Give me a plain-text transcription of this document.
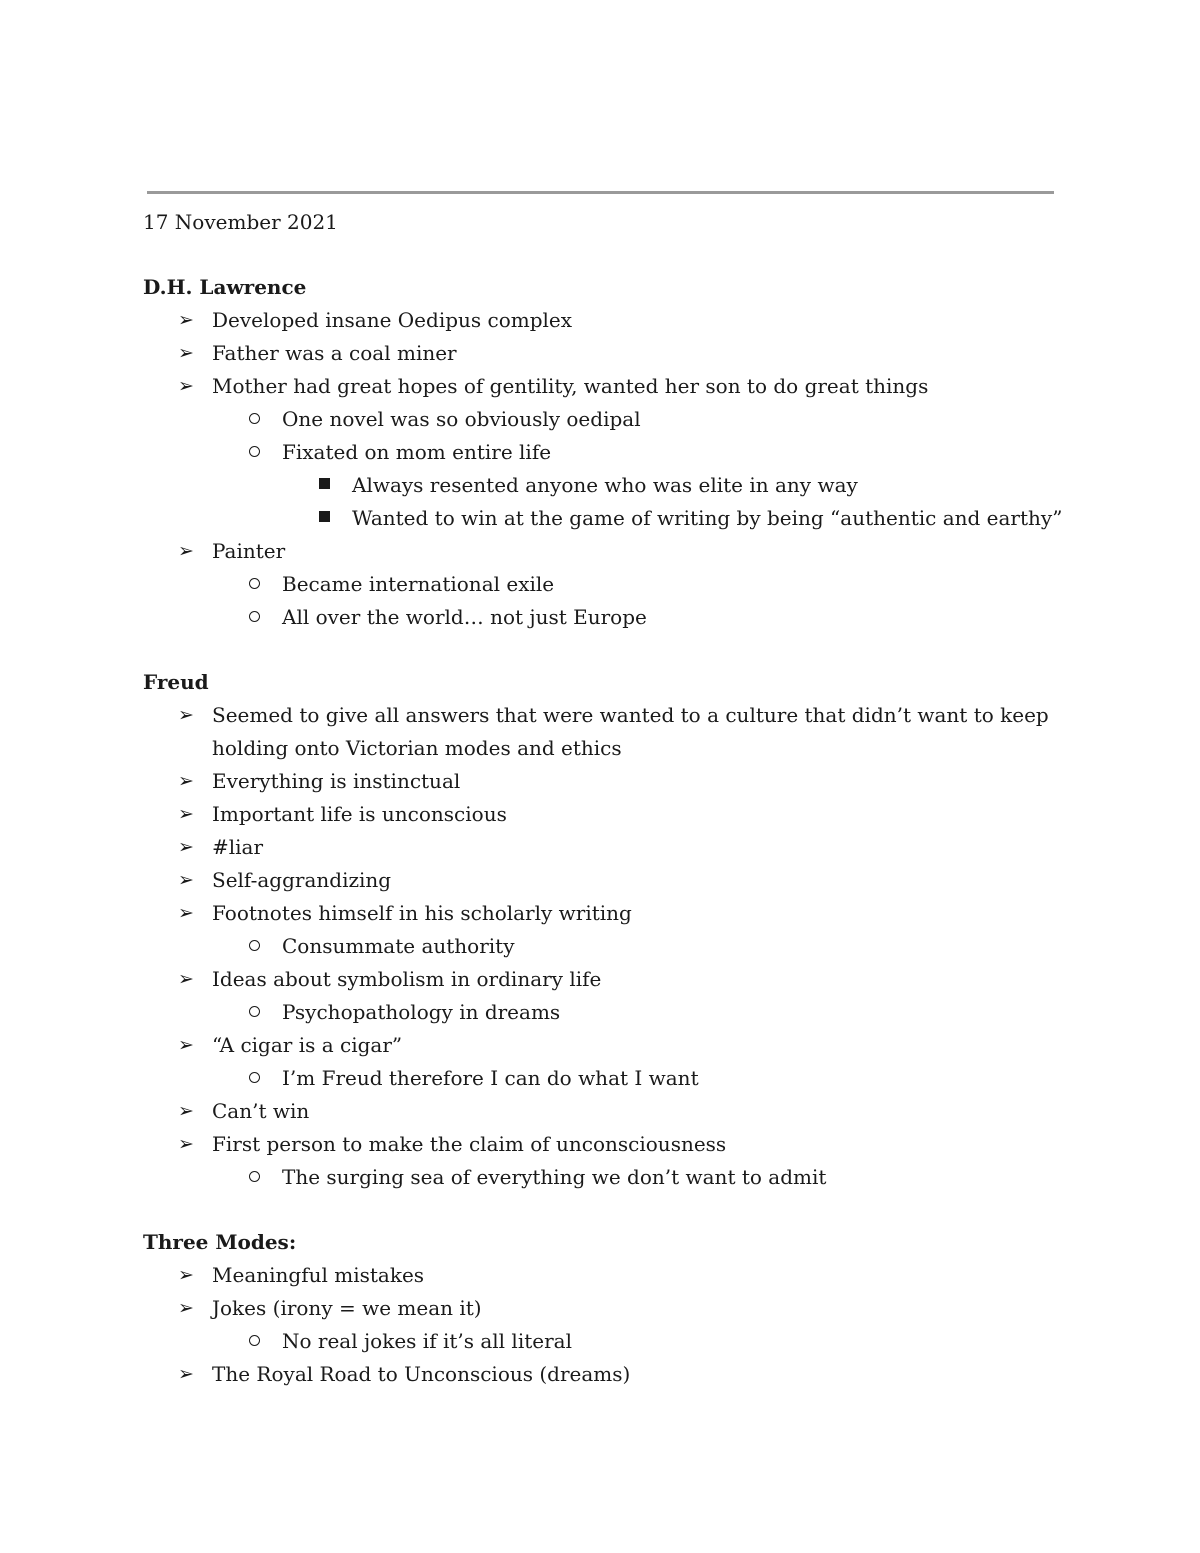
17 November 2021

D.H. Lawrence

➢ Developed insane Oedipus complex
➢ Father was a coal miner
➢ Mother had great hopes of gentility, wanted her son to do great things
One novel was so obviously oedipal
Fixated on mom entire life
Always resented anyone who was elite in any way
Wanted to win at the game of writing by being “authentic and earthy”
➢ Painter
Became international exile
All over the world… not just Europe

Freud

➢ Seemed to give all answers that were wanted to a culture that didn’t want to keep holding onto Victorian modes and ethics
➢ Everything is instinctual
➢ Important life is unconscious
➢ #liar
➢ Self-aggrandizing
➢ Footnotes himself in his scholarly writing
Consummate authority
➢ Ideas about symbolism in ordinary life
Psychopathology in dreams
➢ “A cigar is a cigar”
I’m Freud therefore I can do what I want
➢ Can’t win
➢ First person to make the claim of unconsciousness
The surging sea of everything we don’t want to admit

Three Modes:

➢ Meaningful mistakes
➢ Jokes (irony = we mean it)
No real jokes if it’s all literal
➢ The Royal Road to Unconscious (dreams)
